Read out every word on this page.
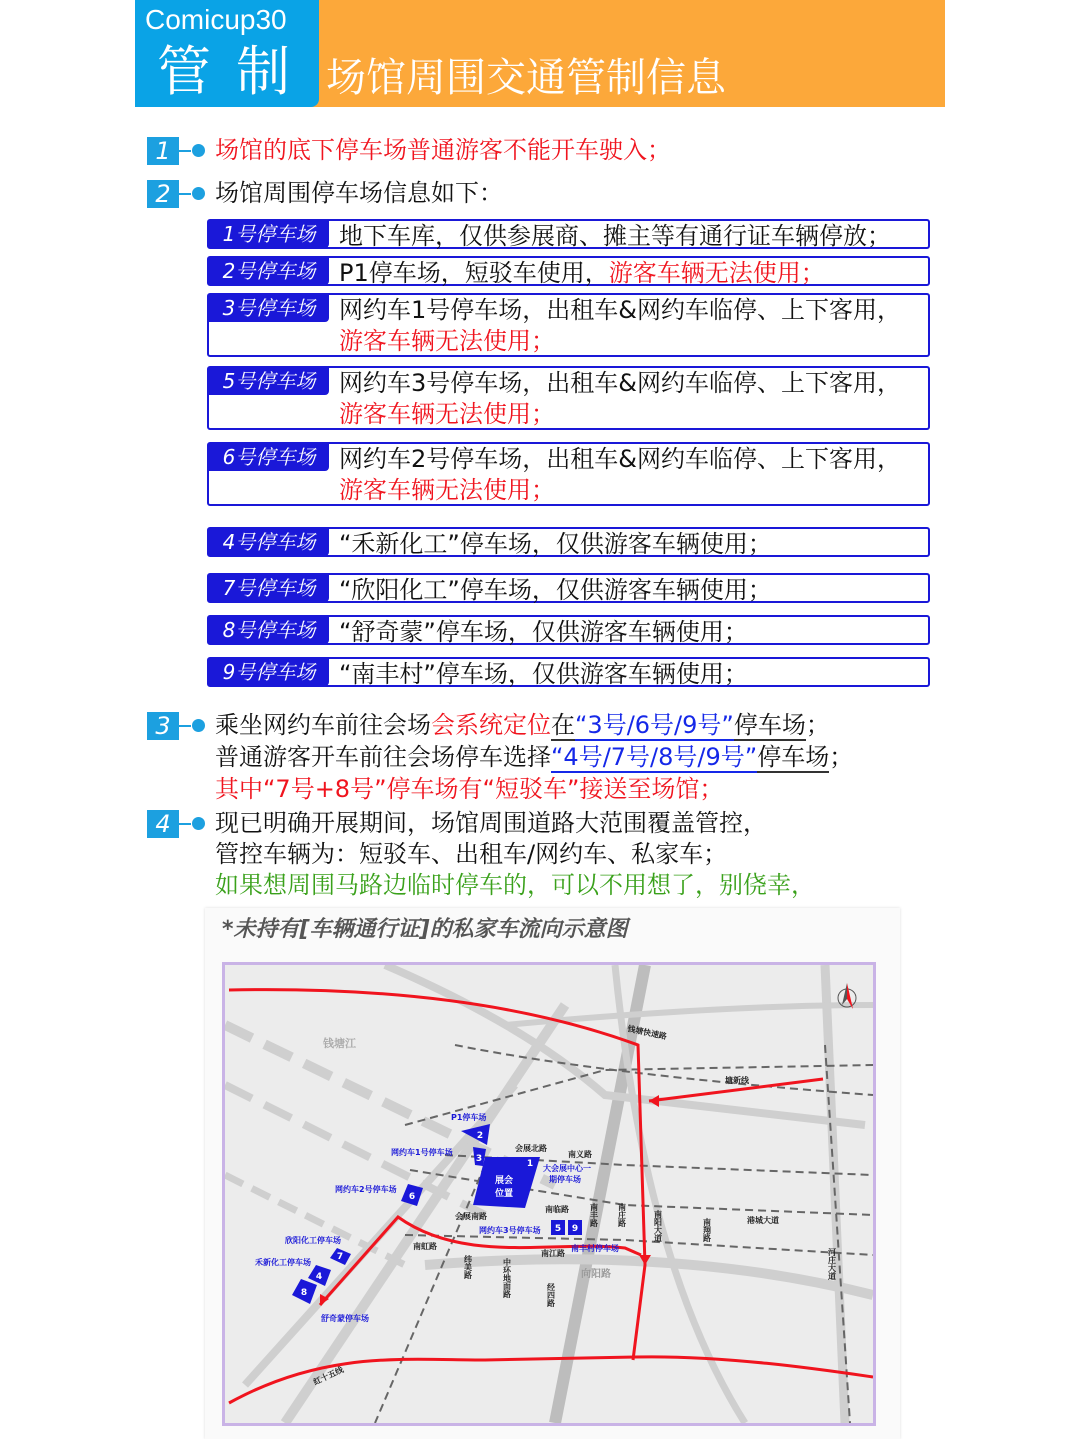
Comicup30
管 制 场馆周围交通管制信息
1	场馆的底下停车场普通游客不能开车驶入；
2	场馆周围停车场信息如下：
1号停车场 地下车库，仅供参展商、摊主等有通行证车辆停放；
2号停车场 P1停车场，短驳车使用，游客车辆无法使用；
3号停车场 网约车1号停车场，出租车&网约车临停、上下客用，
游客车辆无法使用；
5号停车场 网约车3号停车场，出租车&网约车临停、上下客用，
游客车辆无法使用；
6号停车场 网约车2号停车场，出租车&网约车临停、上下客用，
游客车辆无法使用；
4号停车场 “禾新化工”停车场，仅供游客车辆使用；
7号停车场 “欣阳化工”停车场，仅供游客车辆使用；
8号停车场 “舒奇蒙”停车场，仅供游客车辆使用；
9号停车场 “南丰村”停车场，仅供游客车辆使用；
3	乘坐网约车前往会场会系统定位在“3号/6号/9号”停车场；
普通游客开车前往会场停车选择“4号/7号/8号/9号”停车场；
其中“7号+8号”停车场有“短驳车”接送至场馆；
4	现已明确开展期间，场馆周围道路大范围覆盖管控，
管控车辆为：短驳车、出租车/网约车、私家车；
如果想周围马路边临时停车的，可以不用想了，别侥幸，
*未持有[车辆通行证]的私家车流向示意图
1
2
3
4
5
6
7
9
8
展会
位置
P1停车场
网约车1号停车场
网约车2号停车场
网约车3号停车场
欣阳化工停车场
禾新化工停车场
舒奇蒙停车场
南丰村停车场
大会展中心一
期停车场
会展北路
南义路
南临路
会展南路
南虹路
南江路
钱塘快速路
塘新线
港城大道
钱塘江
向阳路
红十五线
南阳大道	南翔路
河庄大道
南丰路 南庄路
纬美路	中环地面路	经四路
